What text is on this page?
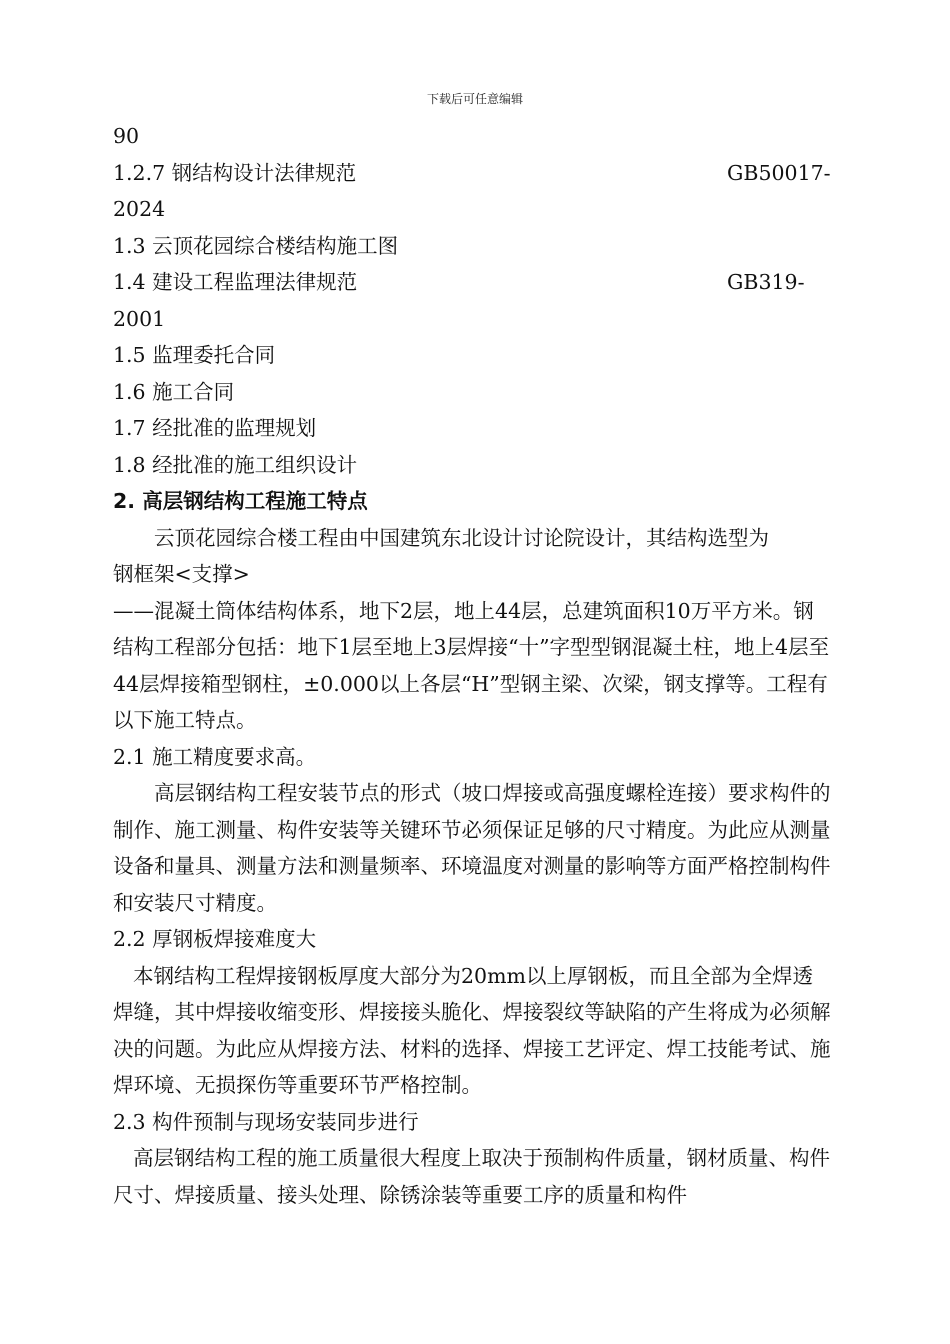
下载后可任意编辑
90
1.2.7 钢结构设计法律规范	GB50017-
2024
1.3 云顶花园综合楼结构施工图
1.4 建设工程监理法律规范	GB319-
2001
1.5 监理委托合同
1.6 施工合同
1.7 经批准的监理规划
1.8 经批准的施工组织设计
2. 高层钢结构工程施工特点
云顶花园综合楼工程由中国建筑东北设计讨论院设计，其结构选型为
钢框架<支撑>
——混凝土筒体结构体系，地下2层，地上44层，总建筑面积10万平方米。钢结构工程部分包括：地下1层至地上3层焊接“十”字型型钢混凝土柱，地上4层至44层焊接箱型钢柱，±0.000以上各层“H”型钢主梁、次梁，钢支撑等。工程有以下施工特点。
2.1 施工精度要求高。
高层钢结构工程安装节点的形式（坡口焊接或高强度螺栓连接）要求构件的制作、施工测量、构件安装等关键环节必须保证足够的尺寸精度。为此应从测量设备和量具、测量方法和测量频率、环境温度对测量的影响等方面严格控制构件和安装尺寸精度。
2.2 厚钢板焊接难度大
本钢结构工程焊接钢板厚度大部分为20mm以上厚钢板，而且全部为全焊透焊缝，其中焊接收缩变形、焊接接头脆化、焊接裂纹等缺陷的产生将成为必须解决的问题。为此应从焊接方法、材料的选择、焊接工艺评定、焊工技能考试、施焊环境、无损探伤等重要环节严格控制。
2.3 构件预制与现场安装同步进行
高层钢结构工程的施工质量很大程度上取决于预制构件质量，钢材质量、构件尺寸、焊接质量、接头处理、除锈涂装等重要工序的质量和构件
